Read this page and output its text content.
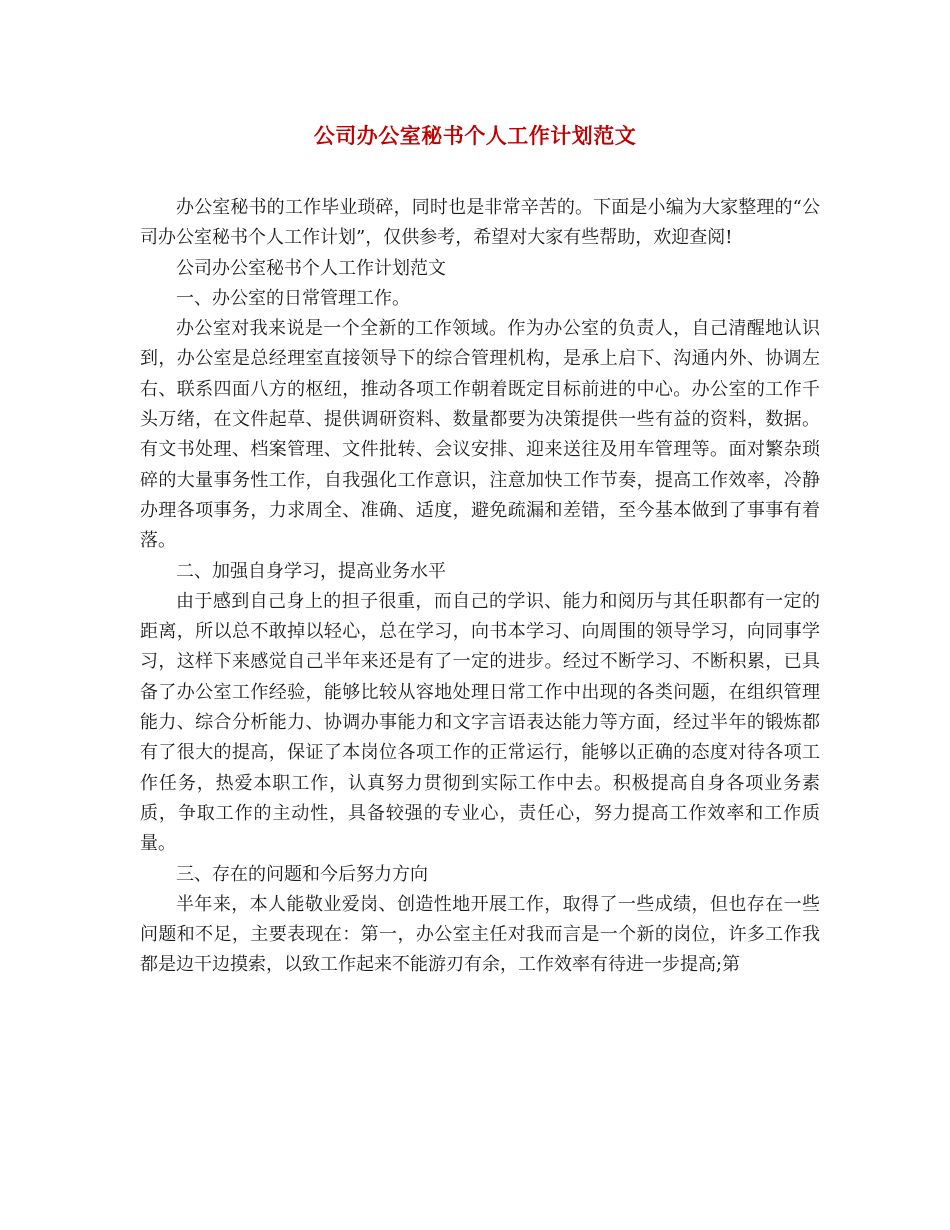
公司办公室秘书个人工作计划范文

办公室秘书的工作毕业琐碎，同时也是非常辛苦的。下面是小编为大家整理的“公司办公室秘书个人工作计划”，仅供参考，希望对大家有些帮助，欢迎查阅!

公司办公室秘书个人工作计划范文

一、办公室的日常管理工作。

办公室对我来说是一个全新的工作领域。作为办公室的负责人，自己清醒地认识到，办公室是总经理室直接领导下的综合管理机构，是承上启下、沟通内外、协调左右、联系四面八方的枢纽，推动各项工作朝着既定目标前进的中心。办公室的工作千头万绪，在文件起草、提供调研资料、数量都要为决策提供一些有益的资料，数据。有文书处理、档案管理、文件批转、会议安排、迎来送往及用车管理等。面对繁杂琐碎的大量事务性工作，自我强化工作意识，注意加快工作节奏，提高工作效率，冷静办理各项事务，力求周全、准确、适度，避免疏漏和差错，至今基本做到了事事有着落。

二、加强自身学习，提高业务水平

由于感到自己身上的担子很重，而自己的学识、能力和阅历与其任职都有一定的距离，所以总不敢掉以轻心，总在学习，向书本学习、向周围的领导学习，向同事学习，这样下来感觉自己半年来还是有了一定的进步。经过不断学习、不断积累，已具备了办公室工作经验，能够比较从容地处理日常工作中出现的各类问题，在组织管理能力、综合分析能力、协调办事能力和文字言语表达能力等方面，经过半年的锻炼都有了很大的提高，保证了本岗位各项工作的正常运行，能够以正确的态度对待各项工作任务，热爱本职工作，认真努力贯彻到实际工作中去。积极提高自身各项业务素质，争取工作的主动性，具备较强的专业心，责任心，努力提高工作效率和工作质量。

三、存在的问题和今后努力方向

半年来，本人能敬业爱岗、创造性地开展工作，取得了一些成绩，但也存在一些问题和不足，主要表现在：第一，办公室主任对我而言是一个新的岗位，许多工作我都是边干边摸索，以致工作起来不能游刃有余，工作效率有待进一步提高;第
